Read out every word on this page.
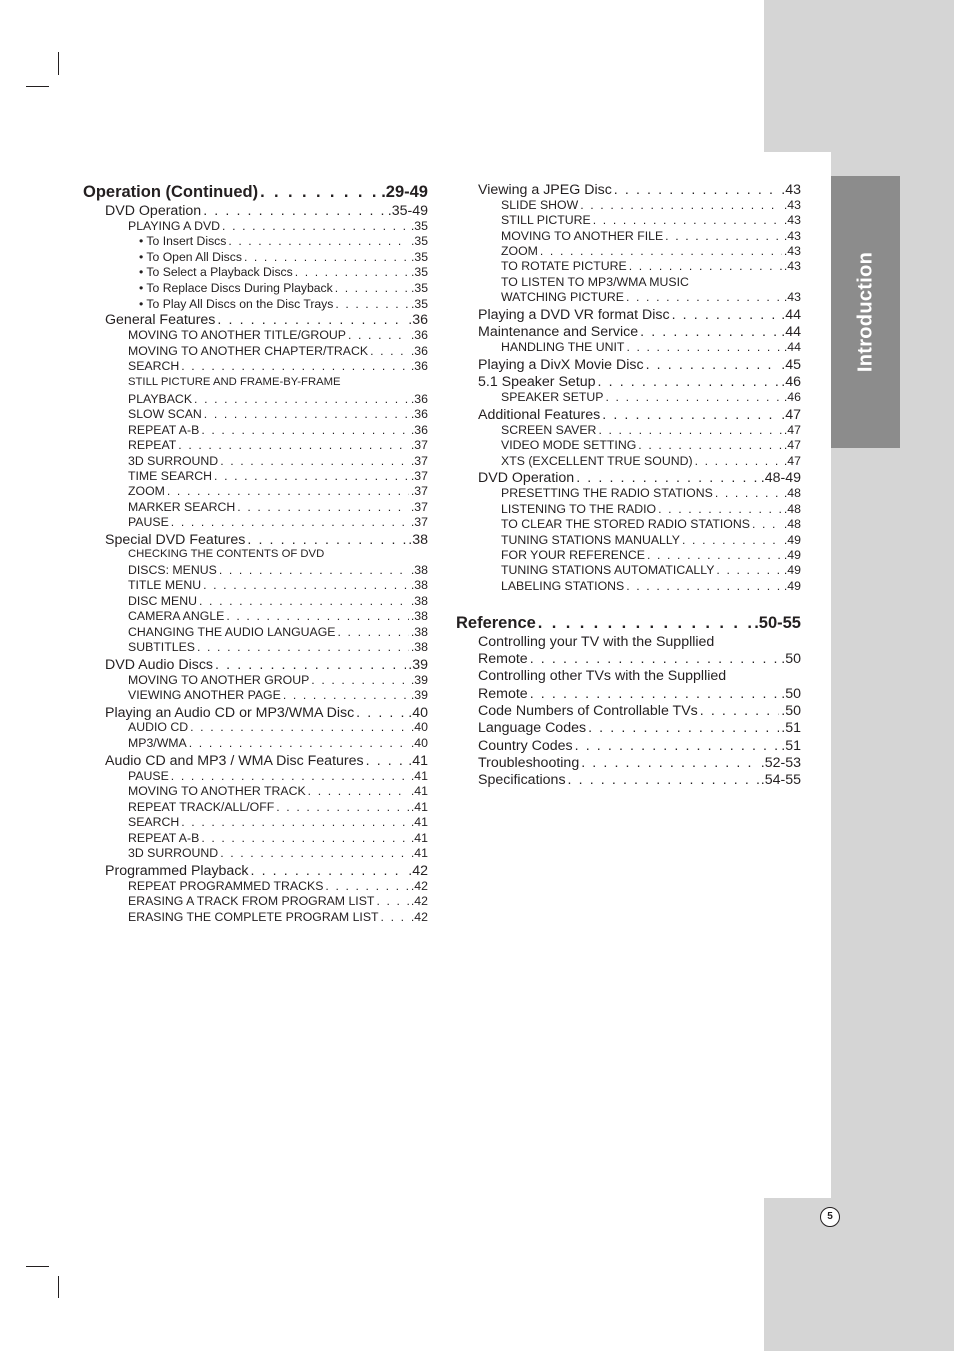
Introduction
5
Operation (Continued) . . .	.29-49
DVD Operation . . .	.35-49
PLAYING A DVD . . .	.35
• To Insert Discs . . .	.35
• To Open All Discs . . .	.35
• To Select a Playback Discs . . .	.35
• To Replace Discs During Playback . . .	.35
• To Play All Discs on the Disc Trays . . .	.35
General Features . . .	.36
MOVING TO ANOTHER TITLE/GROUP . . .	.36
MOVING TO ANOTHER CHAPTER/TRACK . . .	.36
SEARCH . . .	.36
STILL PICTURE AND FRAME-BY-FRAME
PLAYBACK . . .	.36
SLOW SCAN . . .	.36
REPEAT A-B . . .	.36
REPEAT . . .	.37
3D SURROUND . . .	.37
TIME SEARCH . . .	.37
ZOOM . . .	.37
MARKER SEARCH . . .	.37
PAUSE . . .	.37
Special DVD Features . . .	.38
CHECKING THE CONTENTS OF DVD
DISCS: MENUS . . .	.38
TITLE MENU . . .	.38
DISC MENU . . .	.38
CAMERA ANGLE . . .	.38
CHANGING THE AUDIO LANGUAGE . . .	.38
SUBTITLES . . .	.38
DVD Audio Discs . . .	.39
MOVING TO ANOTHER GROUP . . .	.39
VIEWING ANOTHER PAGE . . .	.39
Playing an Audio CD or MP3/WMA Disc . . .	.40
AUDIO CD . . .	.40
MP3/WMA . . .	.40
Audio CD and MP3 / WMA Disc Features . . .	.41
PAUSE . . .	.41
MOVING TO ANOTHER TRACK . . .	.41
REPEAT TRACK/ALL/OFF . . .	.41
SEARCH . . .	.41
REPEAT A-B . . .	.41
3D SURROUND . . .	.41
Programmed Playback . . .	.42
REPEAT PROGRAMMED TRACKS . . .	.42
ERASING A TRACK FROM PROGRAM LIST . . .	.42
ERASING THE COMPLETE PROGRAM LIST . . .	.42
Viewing a JPEG Disc . . .	.43
SLIDE SHOW . . .	.43
STILL PICTURE . . .	.43
MOVING TO ANOTHER FILE . . .	.43
ZOOM . . .	.43
TO ROTATE PICTURE . . .	.43
TO LISTEN TO MP3/WMA MUSIC
WATCHING PICTURE . . .	.43
Playing a DVD VR format Disc . . .	.44
Maintenance and Service . . .	.44
HANDLING THE UNIT . . .	.44
Playing a DivX Movie Disc . . .	.45
5.1 Speaker Setup . . .	.46
SPEAKER SETUP . . .	.46
Additional Features . . .	.47
SCREEN SAVER . . .	.47
VIDEO MODE SETTING . . .	.47
XTS (EXCELLENT TRUE SOUND) . . .	.47
DVD Operation . . .	.48-49
PRESETTING THE RADIO STATIONS . . .	.48
LISTENING TO THE RADIO . . .	.48
TO CLEAR THE STORED RADIO STATIONS . . .	.48
TUNING STATIONS MANUALLY . . .	.49
FOR YOUR REFERENCE . . .	.49
TUNING STATIONS AUTOMATICALLY . . .	.49
LABELING STATIONS . . .	.49
Reference . . .	.50-55
Controlling your TV with the Suppllied
Remote . . .	.50
Controlling other TVs with the Suppllied
Remote . . .	.50
Code Numbers of Controllable TVs . . .	.50
Language Codes . . .	.51
Country Codes . . .	.51
Troubleshooting . . .	.52-53
Specifications . . .	.54-55
